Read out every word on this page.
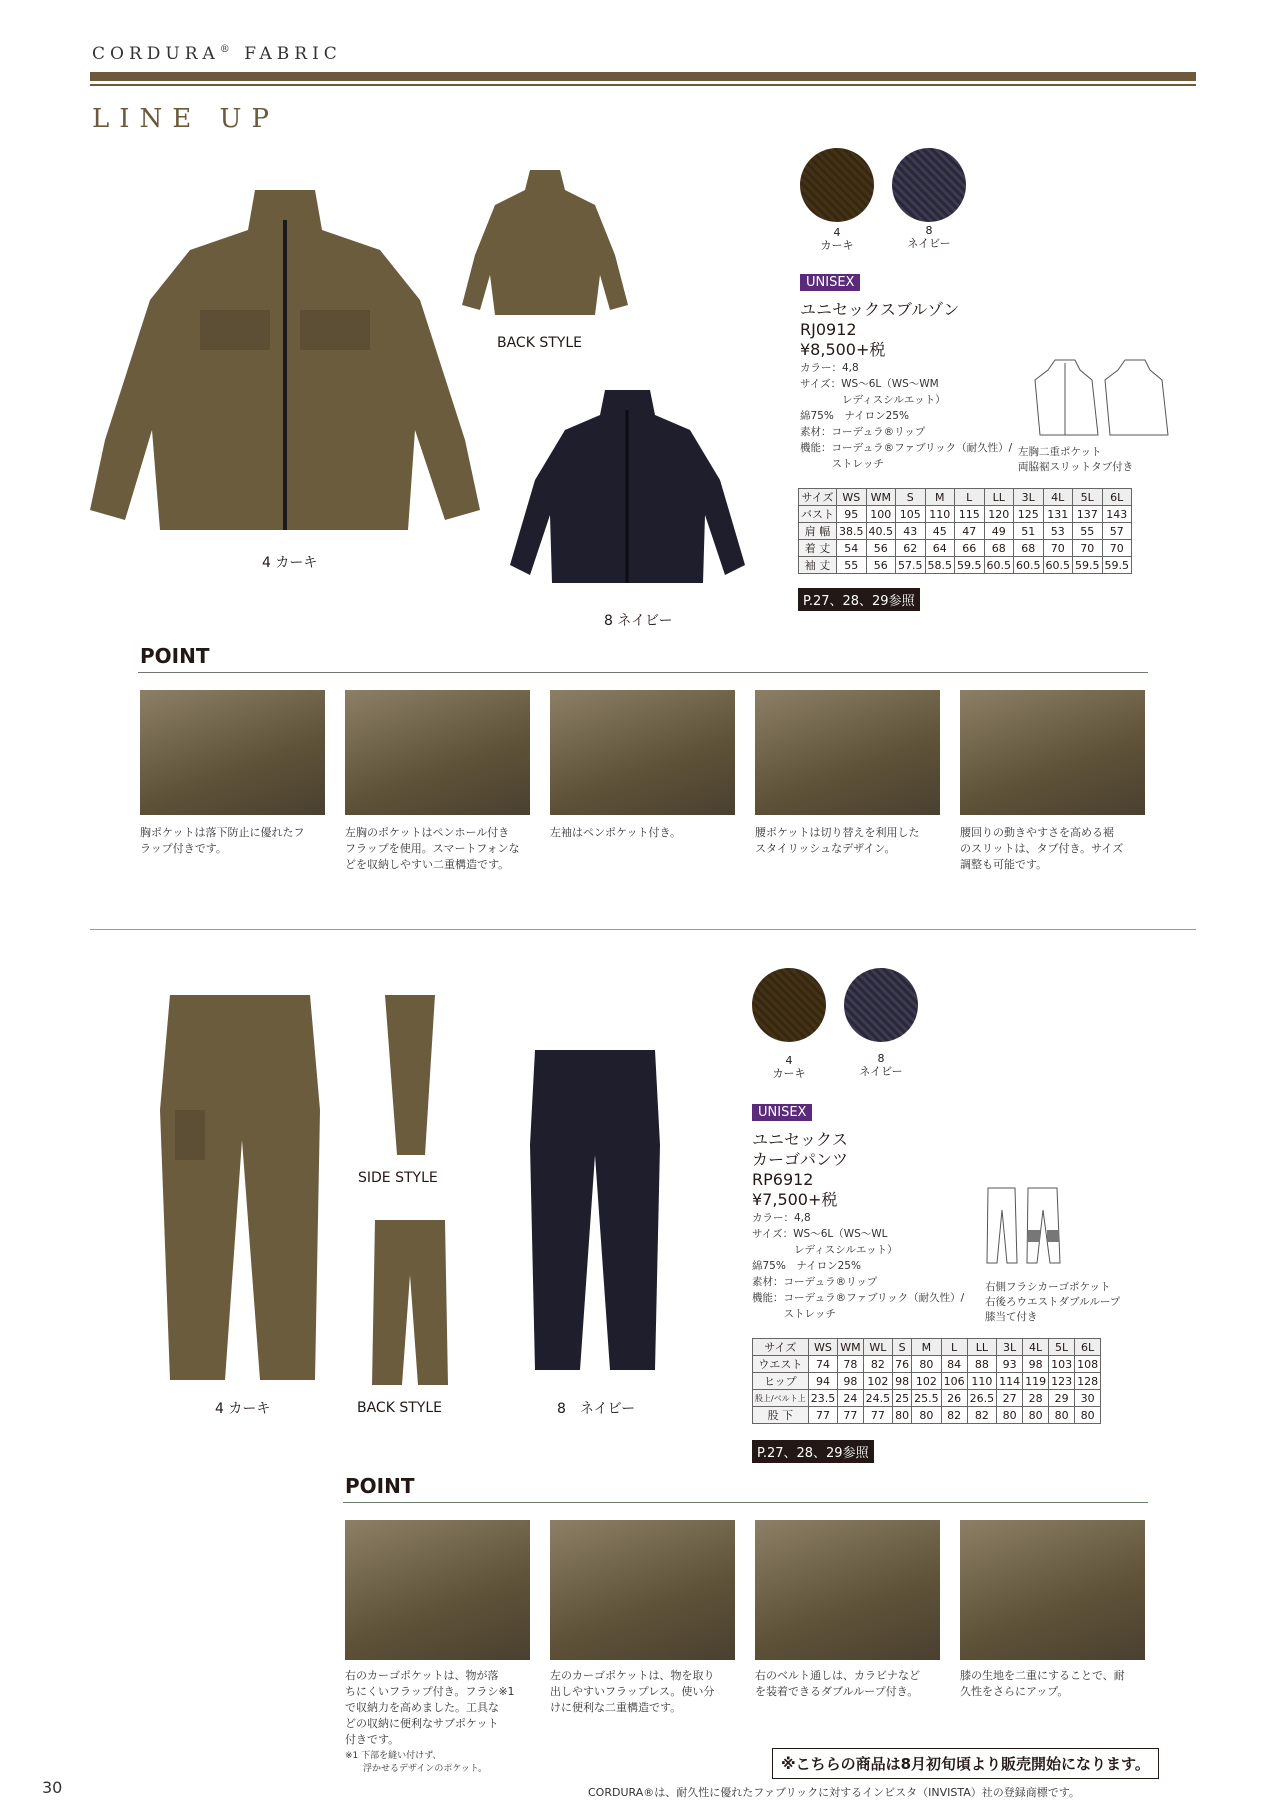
CORDURA® FABRIC
LINE UP
4 カーキ
BACK STYLE
8 ネイビー
4
カーキ
8
ネイビー
UNISEX
ユニセックスブルゾン
RJ0912
¥8,500+税
カラー：4,8
サイズ：WS〜6L（WS〜WM
　　　　レディスシルエット）
綿75%　ナイロン25%
素材：コーデュラ®リップ
機能：コーデュラ®ファブリック（耐久性）/
　　　ストレッチ
左胸二重ポケット
両脇裾スリットタブ付き
サイズ	WS	WM	S	M	L	LL	3L	4L	5L	6L
バスト	95	100	105	110	115	120	125	131	137	143
肩 幅	38.5	40.5	43	45	47	49	51	53	55	57
着 丈	54	56	62	64	66	68	68	70	70	70
袖 丈	55	56	57.5	58.5	59.5	60.5	60.5	60.5	59.5	59.5
P.27、28、29参照
POINT
胸ポケットは落下防止に優れたフ
ラップ付きです。
左胸のポケットはペンホール付き
フラップを使用。スマートフォンな
どを収納しやすい二重構造です。
左袖はペンポケット付き。	腰ポケットは切り替えを利用した
スタイリッシュなデザイン。
腰回りの動きやすさを高める裾
のスリットは、タブ付き。サイズ
調整も可能です。
4 カーキ
SIDE STYLE
BACK STYLE	8　ネイビー
4
カーキ
8
ネイビー
UNISEX
ユニセックス
カーゴパンツ
RP6912
¥7,500+税
カラー：4,8
サイズ：WS〜6L（WS〜WL
　　　　レディスシルエット）
綿75%　ナイロン25%
素材：コーデュラ®リップ
機能：コーデュラ®ファブリック（耐久性）/
　　　ストレッチ
右側フラシカーゴポケット
右後ろウエストダブルループ
膝当て付き
サイズ	WS	WM	WL	S	M	L	LL	3L	4L	5L	6L
ウエスト	74	78	82	76	80	84	88	93	98	103	108
ヒップ	94	98	102	98	102	106	110	114	119	123	128
股上/ベルト上	23.5	24	24.5	25	25.5	26	26.5	27	28	29	30
股 下	77	77	77	80	80	82	82	80	80	80	80
P.27、28、29参照
POINT
右のカーゴポケットは、物が落
ちにくいフラップ付き。フラシ※1
で収納力を高めました。工具な
どの収納に便利なサブポケット
付きです。
左のカーゴポケットは、物を取り
出しやすいフラップレス。使い分
けに便利な二重構造です。
右のベルト通しは、カラビナなど
を装着できるダブルループ付き。
膝の生地を二重にすることで、耐
久性をさらにアップ。
※1 下部を縫い付けず、
　　浮かせるデザインのポケット。	※こちらの商品は8月初旬頃より販売開始になります。
30	CORDURA®は、耐久性に優れたファブリックに対するインビスタ（INVISTA）社の登録商標です。
